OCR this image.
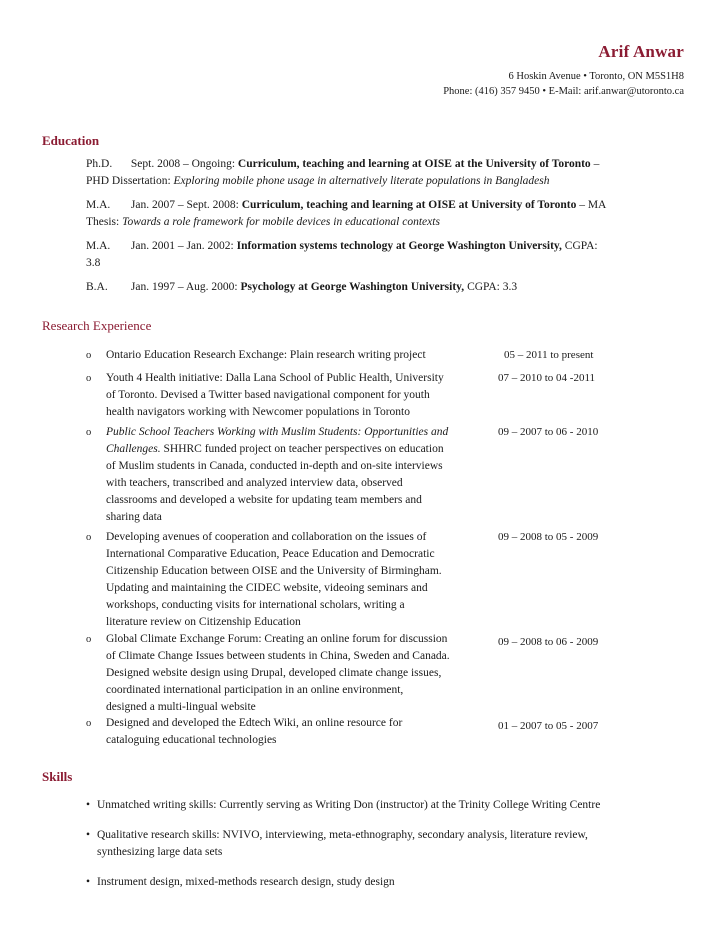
Arif Anwar
6 Hoskin Avenue • Toronto, ON M5S1H8
Phone: (416) 357 9450 • E-Mail: arif.anwar@utoronto.ca
Education
Ph.D. Sept. 2008 – Ongoing: Curriculum, teaching and learning at OISE at the University of Toronto –
PHD Dissertation: Exploring mobile phone usage in alternatively literate populations in Bangladesh
M.A. Jan. 2007 – Sept. 2008: Curriculum, teaching and learning at OISE at University of Toronto – MA
Thesis: Towards a role framework for mobile devices in educational contexts
M.A. Jan. 2001 – Jan. 2002: Information systems technology at George Washington University, CGPA:
3.8
B.A. Jan. 1997 – Aug. 2000: Psychology at George Washington University, CGPA: 3.3
Research Experience
o Ontario Education Research Exchange: Plain research writing project	05 – 2011 to present
o Youth 4 Health initiative: Dalla Lana School of Public Health, University
of Toronto. Devised a Twitter based navigational component for youth
health navigators working with Newcomer populations in Toronto
07 – 2010 to 04 -2011
o Public School Teachers Working with Muslim Students: Opportunities and
Challenges. SHHRC funded project on teacher perspectives on education
of Muslim students in Canada, conducted in-depth and on-site interviews
with teachers, transcribed and analyzed interview data, observed
classrooms and developed a website for updating team members and
sharing data
09 – 2007 to 06 - 2010
o Developing avenues of cooperation and collaboration on the issues of
International Comparative Education, Peace Education and Democratic
Citizenship Education between OISE and the University of Birmingham.
Updating and maintaining the CIDEC website, videoing seminars and
workshops, conducting visits for international scholars, writing a
literature review on Citizenship Education
09 – 2008 to 05 - 2009
o Global Climate Exchange Forum: Creating an online forum for discussion
of Climate Change Issues between students in China, Sweden and Canada.
Designed website design using Drupal, developed climate change issues,
coordinated international participation in an online environment,
designed a multi-lingual website
09 – 2008 to 06 - 2009
o Designed and developed the Edtech Wiki, an online resource for
cataloguing educational technologies
01 – 2007 to 05 - 2007
Skills
• Unmatched writing skills: Currently serving as Writing Don (instructor) at the Trinity College Writing Centre
• Qualitative research skills: NVIVO, interviewing, meta-ethnography, secondary analysis, literature review,
synthesizing large data sets
• Instrument design, mixed-methods research design, study design
